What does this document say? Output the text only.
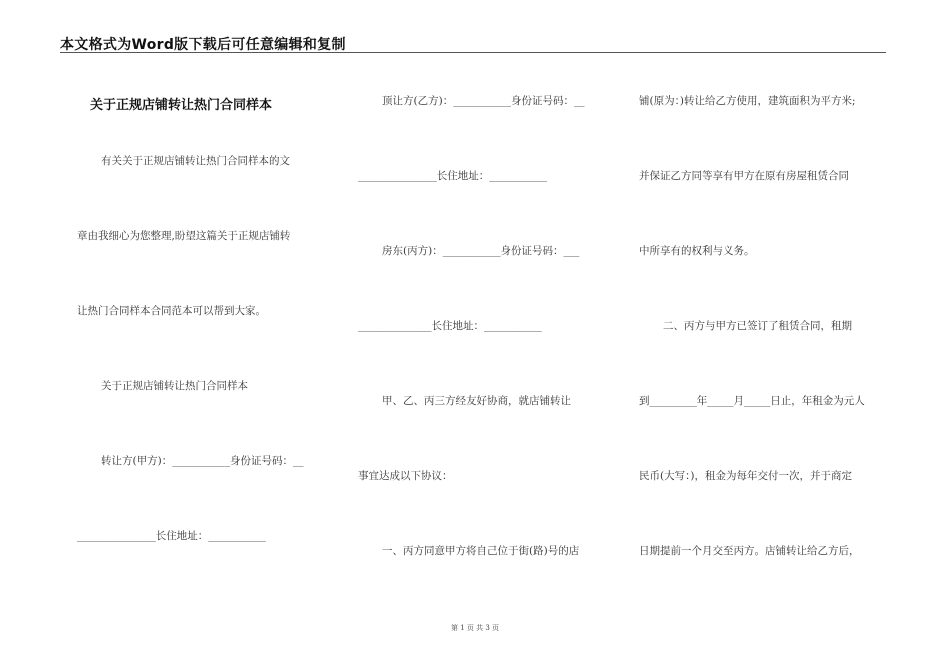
本文格式为Word版下载后可任意编辑和复制
关于正规店铺转让热门合同样本
有关关于正规店铺转让热门合同样本的文
章由我细心为您整理,盼望这篇关于正规店铺转
让热门合同样本合同范本可以帮到大家。
关于正规店铺转让热门合同样本
转让方(甲方)：___________身份证号码：__
_______________长住地址：___________
顶让方(乙方)：___________身份证号码：__
_______________长住地址：___________
房东(丙方)：___________身份证号码：___
______________长住地址：___________
甲、乙、丙三方经友好协商，就店铺转让
事宜达成以下协议：
一、丙方同意甲方将自己位于街(路)号的店
铺(原为：)转让给乙方使用，建筑面积为平方米;
并保证乙方同等享有甲方在原有房屋租赁合同
中所享有的权利与义务。
二、丙方与甲方已签订了租赁合同，租期
到_________年_____月_____日止，年租金为元人
民币(大写：)，租金为每年交付一次，并于商定
日期提前一个月交至丙方。店铺转让给乙方后，
第 1 页 共 3 页
